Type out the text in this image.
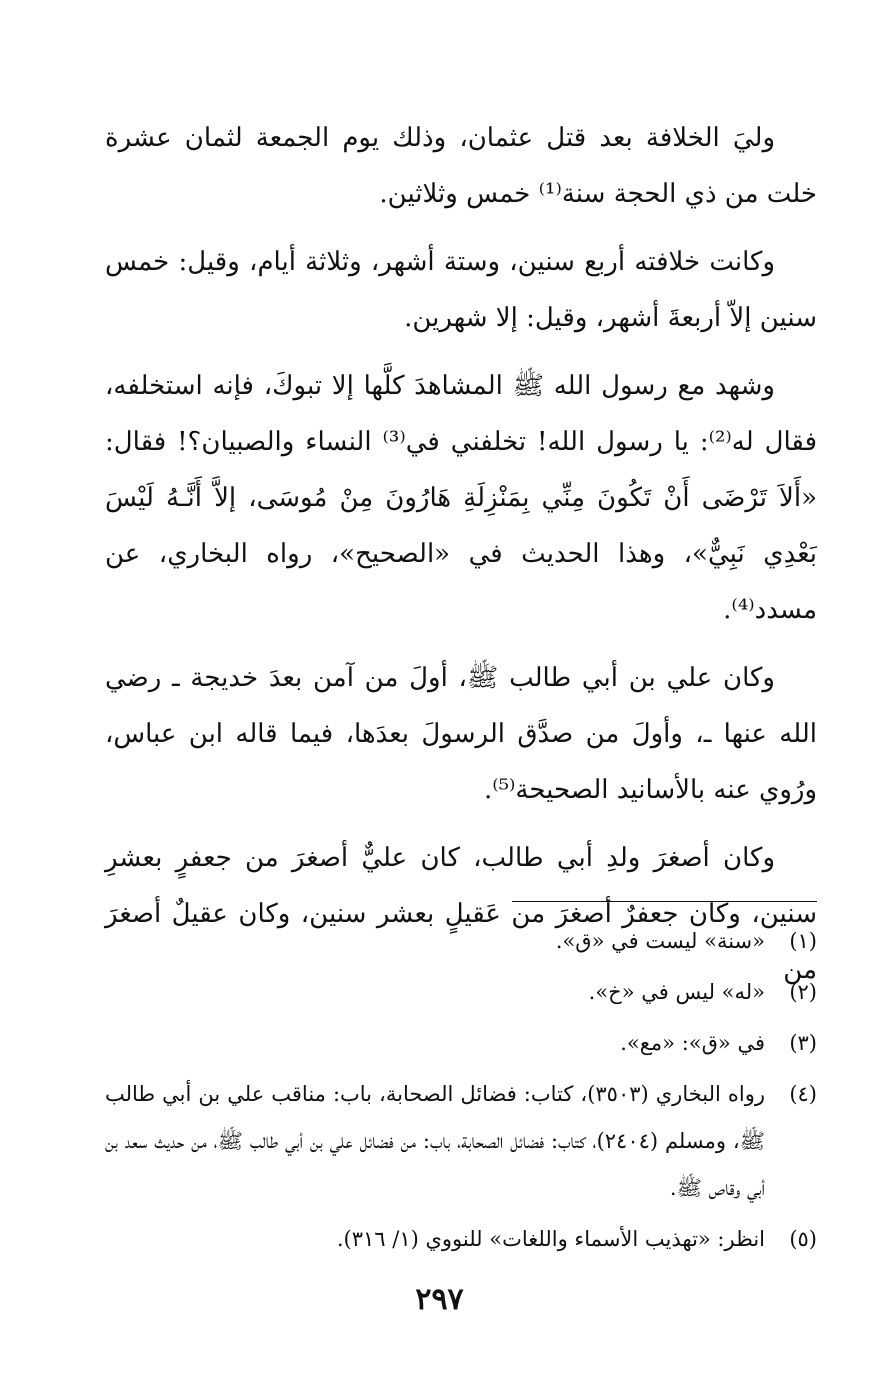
وليَ الخلافة بعد قتل عثمان، وذلك يوم الجمعة لثمان عشرة خلت من ذي الحجة سنة⁽¹⁾ خمس وثلاثين.

وكانت خلافته أربع سنين، وستة أشهر، وثلاثة أيام، وقيل: خمس سنين إلاّ أربعةَ أشهر، وقيل: إلا شهرين.

وشهد مع رسول الله ﷺ المشاهدَ كلَّها إلا تبوكَ، فإنه استخلفه، فقال له⁽²⁾: يا رسول الله! تخلفني في⁽³⁾ النساء والصبيان؟! فقال: «أَلاَ تَرْضَى أَنْ تَكُونَ مِنِّي بِمَنْزِلَةِ هَارُونَ مِنْ مُوسَى، إلاَّ أَنَّـهُ لَيْسَ بَعْدِي نَبِيٌّ»، وهذا الحديث في «الصحيح»، رواه البخاري، عن مسدد⁽⁴⁾.

وكان علي بن أبي طالب ﷺ، أولَ من آمن بعدَ خديجة ـ رضي الله عنها ـ، وأولَ من صدَّق الرسولَ بعدَها، فيما قاله ابن عباس، ورُوي عنه بالأسانيد الصحيحة⁽⁵⁾.

وكان أصغرَ ولدِ أبي طالب، كان عليٌّ أصغرَ من جعفرٍ بعشرِ سنين، وكان جعفرٌ أصغرَ من عَقيلٍ بعشر سنين، وكان عقيلٌ أصغرَ من

(١)
«سنة» ليست في «ق».
(٢)
«له» ليس في «خ».
(٣)
في «ق»: «مع».
(٤)
رواه البخاري (٣٥٠٣)، كتاب: فضائل الصحابة، باب: مناقب علي بن أبي طالب ﷺ، ومسلم (٢٤٠٤)، كتاب: فضائل الصحابة، باب: من فضائل علي بن أبي طالب ﷺ، من حديث سعد بن أبي وقاص ﷺ.
(٥)
انظر: «تهذيب الأسماء واللغات» للنووي (١/ ٣١٦).
٢٩٧
